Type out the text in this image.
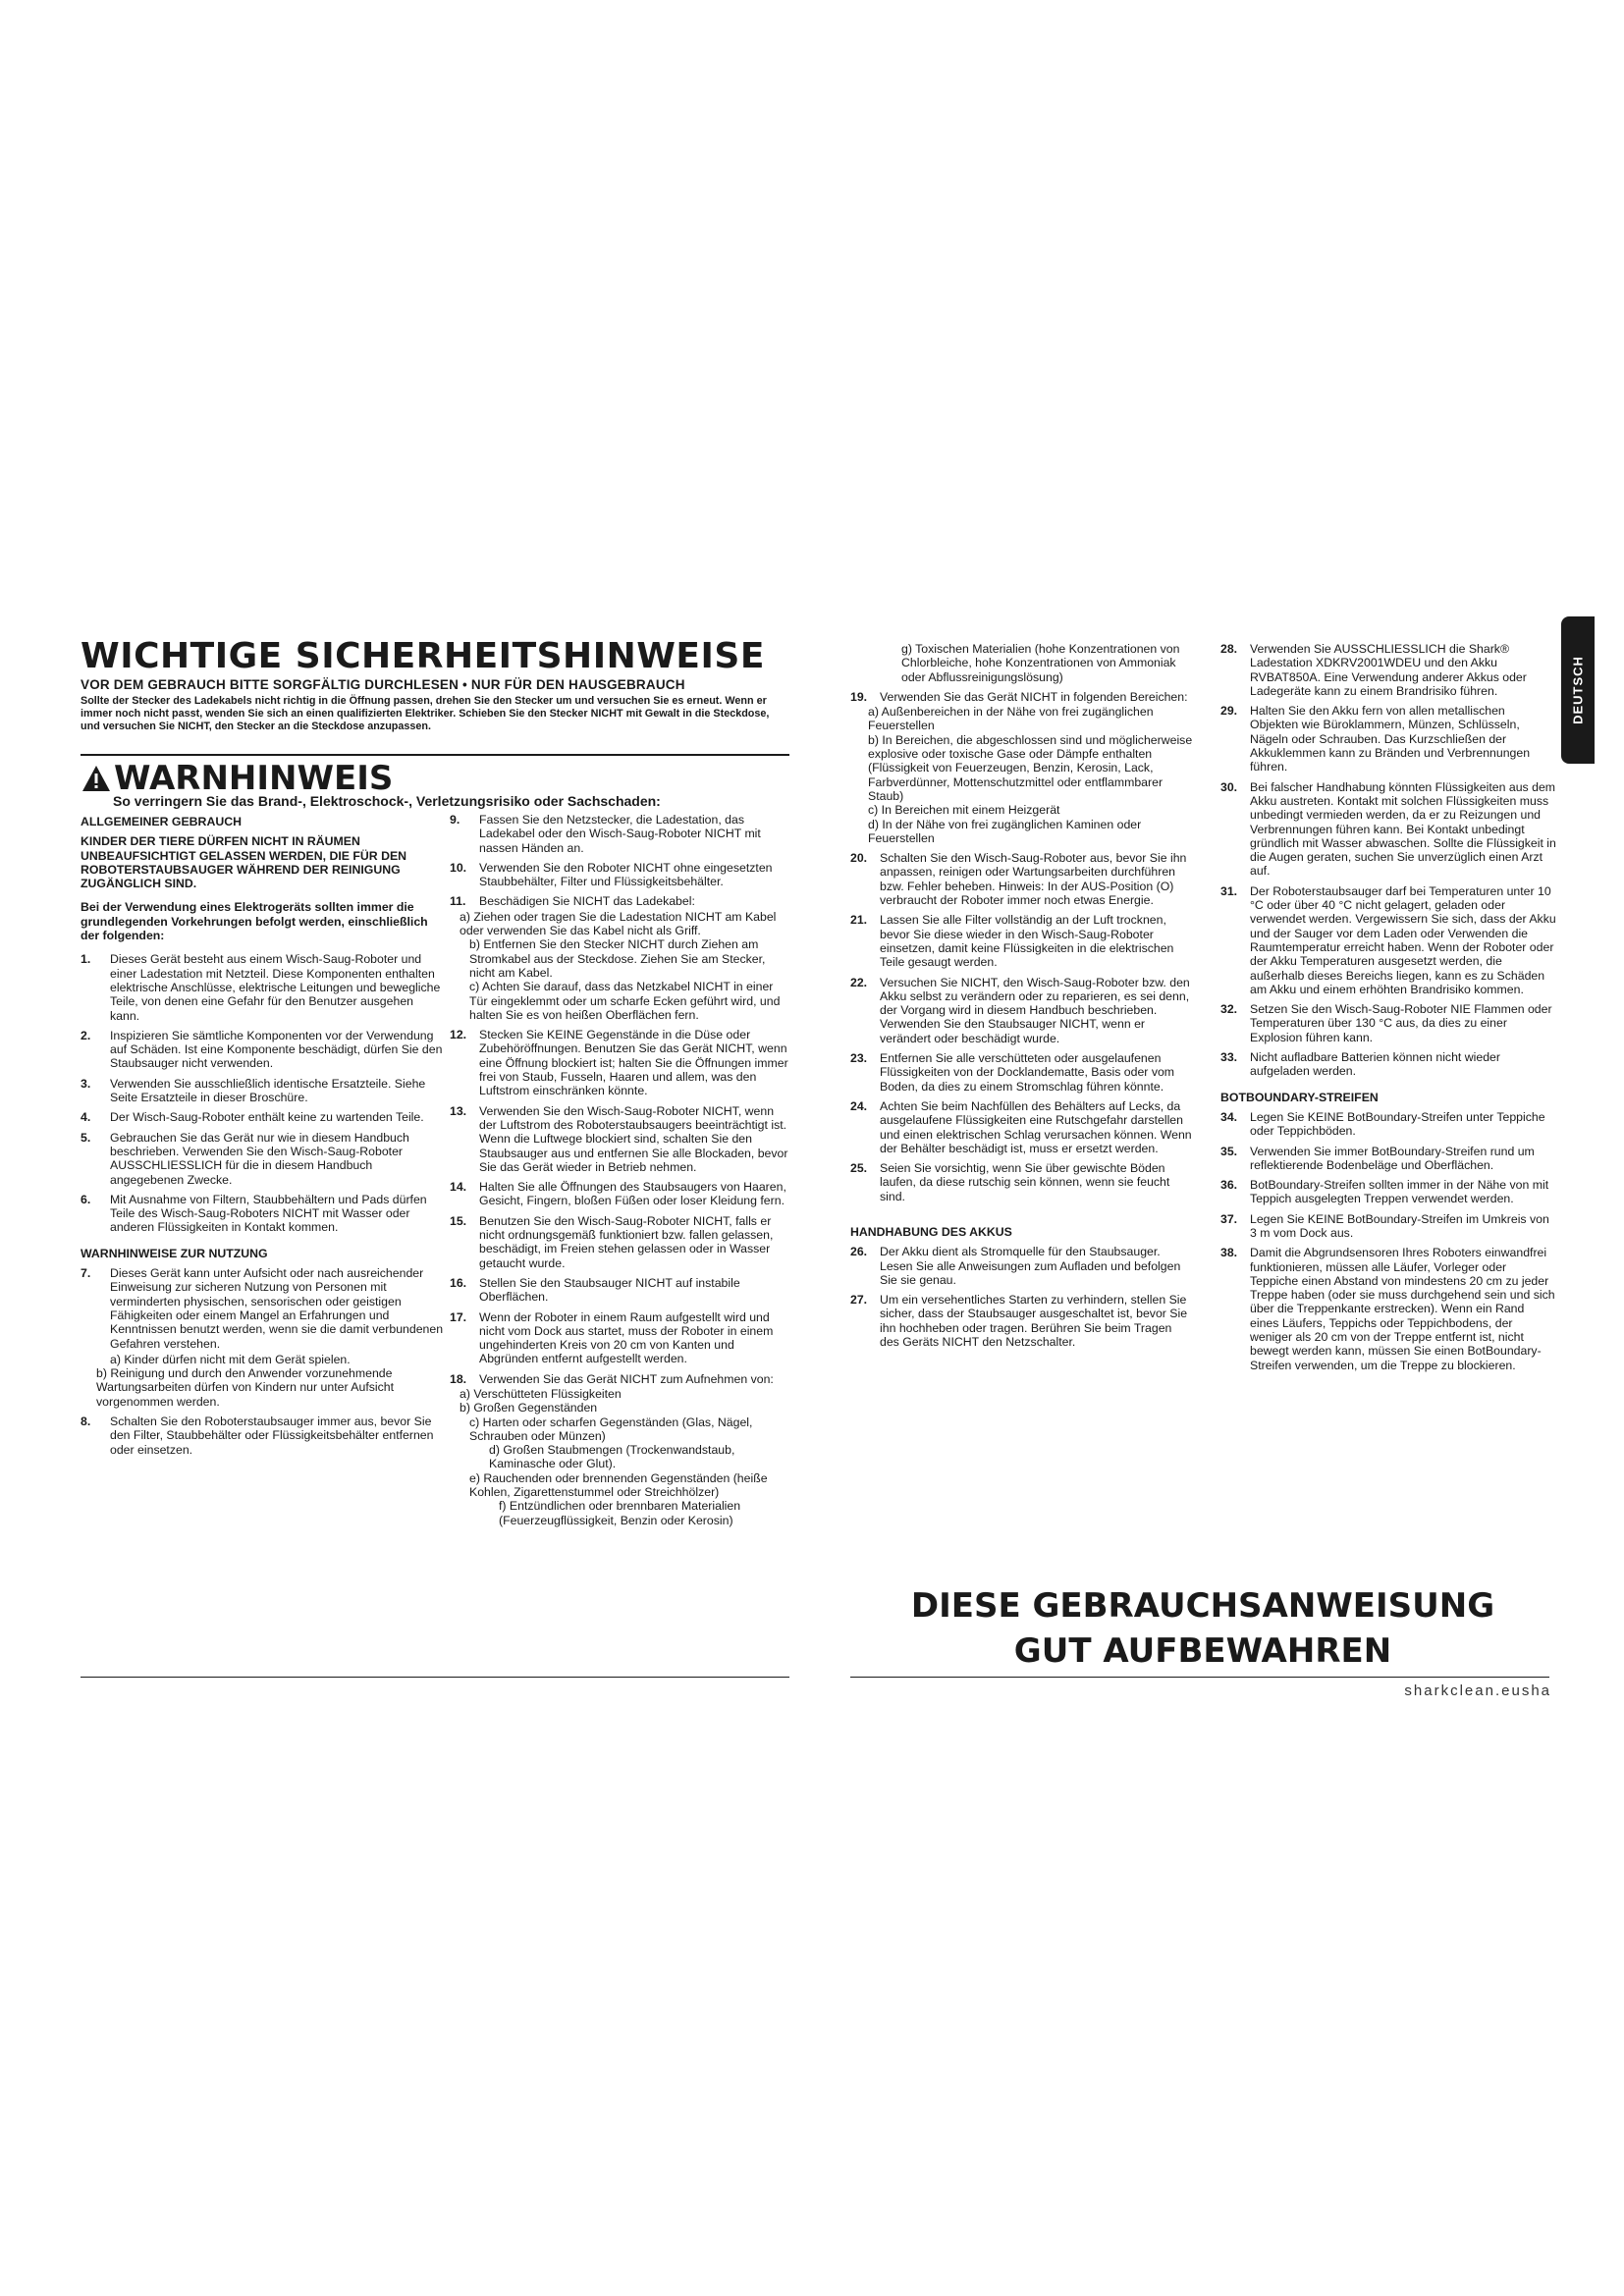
WICHTIGE SICHERHEITSHINWEISE
VOR DEM GEBRAUCH BITTE SORGFÄLTIG DURCHLESEN • NUR FÜR DEN HAUSGEBRAUCH
Sollte der Stecker des Ladekabels nicht richtig in die Öffnung passen, drehen Sie den Stecker um und versuchen Sie es erneut. Wenn er immer noch nicht passt, wenden Sie sich an einen qualifizierten Elektriker. Schieben Sie den Stecker NICHT mit Gewalt in die Steckdose, und versuchen Sie NICHT, den Stecker an die Steckdose anzupassen.
WARNHINWEIS
So verringern Sie das Brand-, Elektroschock-, Verletzungsrisiko oder Sachschaden:
ALLGEMEINER GEBRAUCH

KINDER DER TIERE DÜRFEN NICHT IN RÄUMEN UNBEAUFSICHTIGT GELASSEN WERDEN, DIE FÜR DEN ROBOTERSTAUBSAUGER WÄHREND DER REINIGUNG ZUGÄNGLICH SIND.

Bei der Verwendung eines Elektrogeräts sollten immer die grundlegenden Vorkehrungen befolgt werden, einschließlich der folgenden:

1.	Dieses Gerät besteht aus einem Wisch-Saug-Roboter und einer Ladestation mit Netzteil. Diese Komponenten enthalten elektrische Anschlüsse, elektrische Leitungen und bewegliche Teile, von denen eine Gefahr für den Benutzer ausgehen kann.
2.	Inspizieren Sie sämtliche Komponenten vor der Verwendung auf Schäden. Ist eine Komponente beschädigt, dürfen Sie den Staubsauger nicht verwenden.
3.	Verwenden Sie ausschließlich identische Ersatzteile. Siehe Seite Ersatzteile in dieser Broschüre.
4.	Der Wisch-Saug-Roboter enthält keine zu wartenden Teile.
5.	Gebrauchen Sie das Gerät nur wie in diesem Handbuch beschrieben. Verwenden Sie den Wisch-Saug-Roboter AUSSCHLIESSLICH für die in diesem Handbuch angegebenen Zwecke.
6.	Mit Ausnahme von Filtern, Staubbehältern und Pads dürfen Teile des Wisch-Saug-Roboters NICHT mit Wasser oder anderen Flüssigkeiten in Kontakt kommen.
WARNHINWEISE ZUR NUTZUNG
7.	Dieses Gerät kann unter Aufsicht oder nach ausreichender Einweisung zur sicheren Nutzung von Personen mit verminderten physischen, sensorischen oder geistigen Fähigkeiten oder einem Mangel an Erfahrungen und Kenntnissen benutzt werden, wenn sie die damit verbundenen Gefahren verstehen.

a) Kinder dürfen nicht mit dem Gerät spielen.

b) Reinigung und durch den Anwender vorzunehmende Wartungsarbeiten dürfen von Kindern nur unter Aufsicht vorgenommen werden.

8.	Schalten Sie den Roboterstaubsauger immer aus, bevor Sie den Filter, Staubbehälter oder Flüssigkeitsbehälter entfernen oder einsetzen.
9.	Fassen Sie den Netzstecker, die Ladestation, das Ladekabel oder den Wisch-Saug-Roboter NICHT mit nassen Händen an.
10.	Verwenden Sie den Roboter NICHT ohne eingesetzten Staubbehälter, Filter und Flüssigkeitsbehälter.
11.	Beschädigen Sie NICHT das Ladekabel:

a) Ziehen oder tragen Sie die Ladestation NICHT am Kabel oder verwenden Sie das Kabel nicht als Griff.

b) Entfernen Sie den Stecker NICHT durch Ziehen am Stromkabel aus der Steckdose. Ziehen Sie am Stecker, nicht am Kabel.

c) Achten Sie darauf, dass das Netzkabel NICHT in einer Tür eingeklemmt oder um scharfe Ecken geführt wird, und halten Sie es von heißen Oberflächen fern.

12.	Stecken Sie KEINE Gegenstände in die Düse oder Zubehöröffnungen. Benutzen Sie das Gerät NICHT, wenn eine Öffnung blockiert ist; halten Sie die Öffnungen immer frei von Staub, Fusseln, Haaren und allem, was den Luftstrom einschränken könnte.
13.	Verwenden Sie den Wisch-Saug-Roboter NICHT, wenn der Luftstrom des Roboterstaubsaugers beeinträchtigt ist. Wenn die Luftwege blockiert sind, schalten Sie den Staubsauger aus und entfernen Sie alle Blockaden, bevor Sie das Gerät wieder in Betrieb nehmen.
14.	Halten Sie alle Öffnungen des Staubsaugers von Haaren, Gesicht, Fingern, bloßen Füßen oder loser Kleidung fern.
15.	Benutzen Sie den Wisch-Saug-Roboter NICHT, falls er nicht ordnungsgemäß funktioniert bzw. fallen gelassen, beschädigt, im Freien stehen gelassen oder in Wasser getaucht wurde.
16.	Stellen Sie den Staubsauger NICHT auf instabile Oberflächen.
17.	Wenn der Roboter in einem Raum aufgestellt wird und nicht vom Dock aus startet, muss der Roboter in einem ungehinderten Kreis von 20 cm von Kanten und Abgründen entfernt aufgestellt werden.
18.	Verwenden Sie das Gerät NICHT zum Aufnehmen von:

a) Verschütteten Flüssigkeiten

b) Großen Gegenständen

c) Harten oder scharfen Gegenständen (Glas, Nägel, Schrauben oder Münzen)

d) Großen Staubmengen (Trockenwandstaub, Kaminasche oder Glut).

e) Rauchenden oder brennenden Gegenständen (heiße Kohlen, Zigarettenstummel oder Streichhölzer)

f) Entzündlichen oder brennbaren Materialien (Feuerzeugflüssigkeit, Benzin oder Kerosin)

g) Toxischen Materialien (hohe Konzentrationen von Chlorbleiche, hohe Konzentrationen von Ammoniak oder Abflussreinigungslösung)

19.	Verwenden Sie das Gerät NICHT in folgenden Bereichen:

a) Außenbereichen in der Nähe von frei zugänglichen Feuerstellen

b) In Bereichen, die abgeschlossen sind und möglicherweise explosive oder toxische Gase oder Dämpfe enthalten (Flüssigkeit von Feuerzeugen, Benzin, Kerosin, Lack, Farbverdünner, Mottenschutzmittel oder entflammbarer Staub)

c) In Bereichen mit einem Heizgerät

d) In der Nähe von frei zugänglichen Kaminen oder Feuerstellen

20.	Schalten Sie den Wisch-Saug-Roboter aus, bevor Sie ihn anpassen, reinigen oder Wartungsarbeiten durchführen bzw. Fehler beheben. Hinweis: In der AUS-Position (O) verbraucht der Roboter immer noch etwas Energie.
21.	Lassen Sie alle Filter vollständig an der Luft trocknen, bevor Sie diese wieder in den Wisch-Saug-Roboter einsetzen, damit keine Flüssigkeiten in die elektrischen Teile gesaugt werden.
22.	Versuchen Sie NICHT, den Wisch-Saug-Roboter bzw. den Akku selbst zu verändern oder zu reparieren, es sei denn, der Vorgang wird in diesem Handbuch beschrieben. Verwenden Sie den Staubsauger NICHT, wenn er verändert oder beschädigt wurde.
23.	Entfernen Sie alle verschütteten oder ausgelaufenen Flüssigkeiten von der Docklandematte, Basis oder vom Boden, da dies zu einem Stromschlag führen könnte.
24.	Achten Sie beim Nachfüllen des Behälters auf Lecks, da ausgelaufene Flüssigkeiten eine Rutschgefahr darstellen und einen elektrischen Schlag verursachen können. Wenn der Behälter beschädigt ist, muss er ersetzt werden.
25.	Seien Sie vorsichtig, wenn Sie über gewischte Böden laufen, da diese rutschig sein können, wenn sie feucht sind.
HANDHABUNG DES AKKUS
26.	Der Akku dient als Stromquelle für den Staubsauger. Lesen Sie alle Anweisungen zum Aufladen und befolgen Sie sie genau.
27.	Um ein versehentliches Starten zu verhindern, stellen Sie sicher, dass der Staubsauger ausgeschaltet ist, bevor Sie ihn hochheben oder tragen. Berühren Sie beim Tragen des Geräts NICHT den Netzschalter.
28.	Verwenden Sie AUSSCHLIESSLICH die Shark® Ladestation XDKRV2001WDEU und den Akku RVBAT850A. Eine Verwendung anderer Akkus oder Ladegeräte kann zu einem Brandrisiko führen.
29.	Halten Sie den Akku fern von allen metallischen Objekten wie Büroklammern, Münzen, Schlüsseln, Nägeln oder Schrauben. Das Kurzschließen der Akkuklemmen kann zu Bränden und Verbrennungen führen.
30.	Bei falscher Handhabung könnten Flüssigkeiten aus dem Akku austreten. Kontakt mit solchen Flüssigkeiten muss unbedingt vermieden werden, da er zu Reizungen und Verbrennungen führen kann. Bei Kontakt unbedingt gründlich mit Wasser abwaschen. Sollte die Flüssigkeit in die Augen geraten, suchen Sie unverzüglich einen Arzt auf.
31.	Der Roboterstaubsauger darf bei Temperaturen unter 10 °C oder über 40 °C nicht gelagert, geladen oder verwendet werden. Vergewissern Sie sich, dass der Akku und der Sauger vor dem Laden oder Verwenden die Raumtemperatur erreicht haben. Wenn der Roboter oder der Akku Temperaturen ausgesetzt werden, die außerhalb dieses Bereichs liegen, kann es zu Schäden am Akku und einem erhöhten Brandrisiko kommen.
32.	Setzen Sie den Wisch-Saug-Roboter NIE Flammen oder Temperaturen über 130 °C aus, da dies zu einer Explosion führen kann.
33.	Nicht aufladbare Batterien können nicht wieder aufgeladen werden.
BOTBOUNDARY-STREIFEN
34.	Legen Sie KEINE BotBoundary-Streifen unter Teppiche oder Teppichböden.
35.	Verwenden Sie immer BotBoundary-Streifen rund um reflektierende Bodenbeläge und Oberflächen.
36.	BotBoundary-Streifen sollten immer in der Nähe von mit Teppich ausgelegten Treppen verwendet werden.
37.	Legen Sie KEINE BotBoundary-Streifen im Umkreis von 3 m vom Dock aus.
38.	Damit die Abgrundsensoren Ihres Roboters einwandfrei funktionieren, müssen alle Läufer, Vorleger oder Teppiche einen Abstand von mindestens 20 cm zu jeder Treppe haben (oder sie muss durchgehend sein und sich über die Treppenkante erstrecken). Wenn ein Rand eines Läufers, Teppichs oder Teppichbodens, der weniger als 20 cm von der Treppe entfernt ist, nicht bewegt werden kann, müssen Sie einen BotBoundary-Streifen verwenden, um die Treppe zu blockieren.
DEUTSCH
DIESE GEBRAUCHSANWEISUNG
GUT AUFBEWAHREN
sharkclean.eusha
